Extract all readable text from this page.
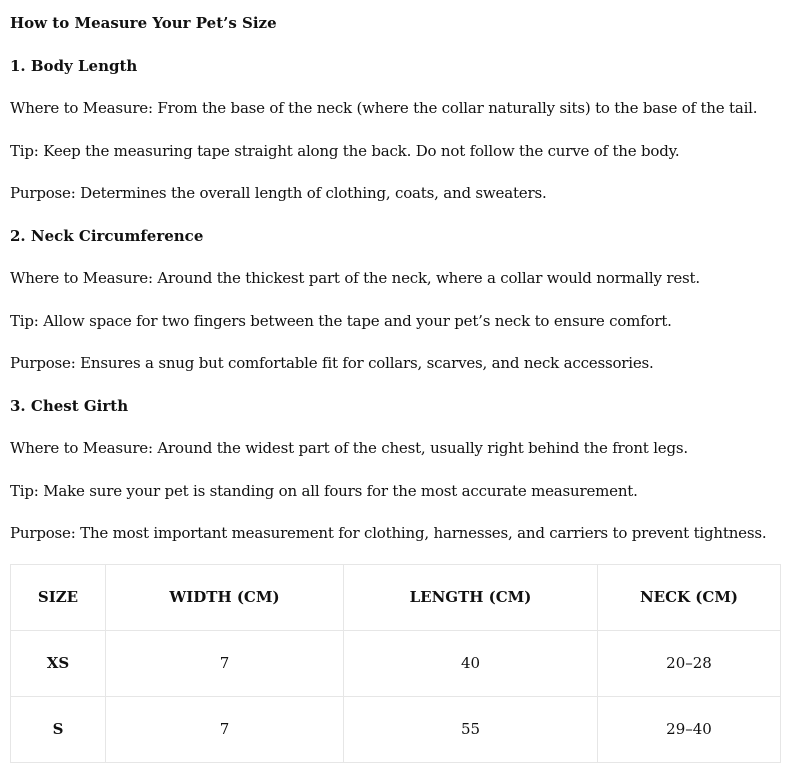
How to Measure Your Pet’s Size
1. Body Length
Where to Measure: From the base of the neck (where the collar naturally sits) to the base of the tail.
Tip: Keep the measuring tape straight along the back. Do not follow the curve of the body.
Purpose: Determines the overall length of clothing, coats, and sweaters.
2. Neck Circumference
Where to Measure: Around the thickest part of the neck, where a collar would normally rest.
Tip: Allow space for two fingers between the tape and your pet’s neck to ensure comfort.
Purpose: Ensures a snug but comfortable fit for collars, scarves, and neck accessories.
3. Chest Girth
Where to Measure: Around the widest part of the chest, usually right behind the front legs.
Tip: Make sure your pet is standing on all fours for the most accurate measurement.
Purpose: The most important measurement for clothing, harnesses, and carriers to prevent tightness.
SIZE	WIDTH (CM)	LENGTH (CM)	NECK (CM)
XS	7	40	20–28
S	7	55	29–40
